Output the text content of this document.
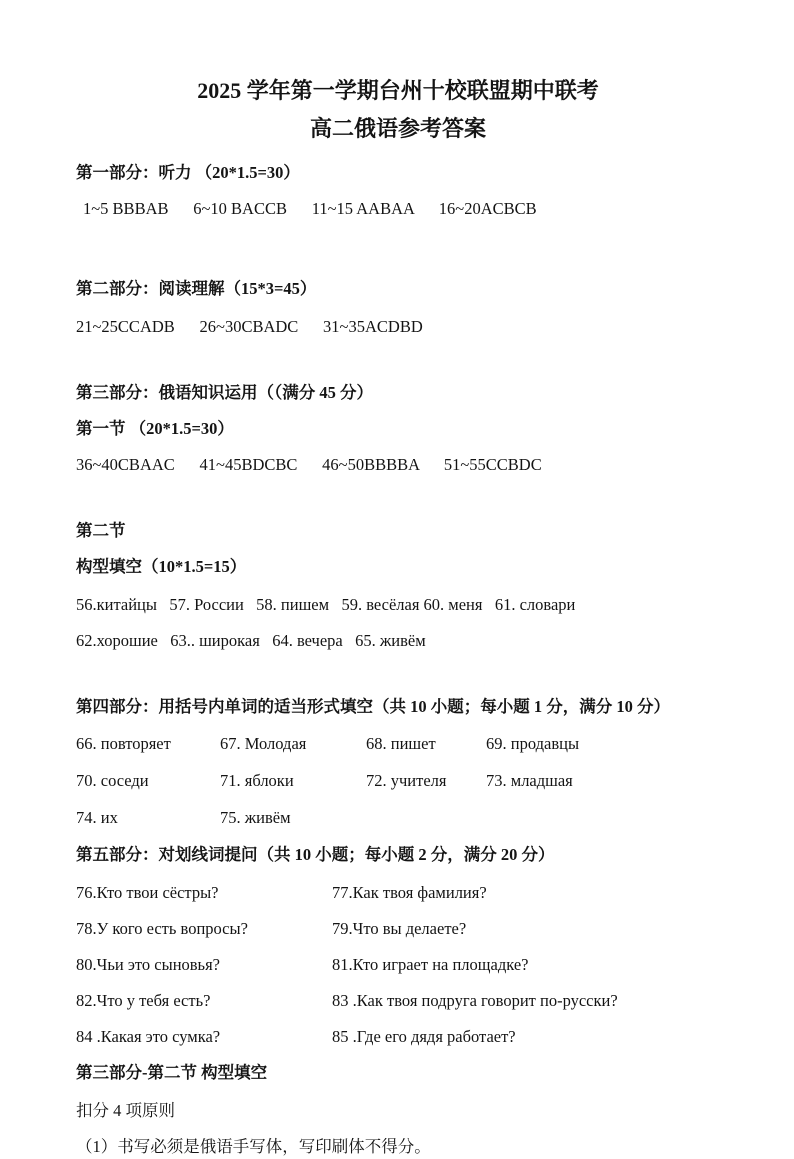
2025 学年第一学期台州十校联盟期中联考
高二俄语参考答案
第一部分：听力 （20*1.5=30）
1~5 BBBAB      6~10 BACCB      11~15 AABAA      16~20ACBCB
第二部分：阅读理解（15*3=45）
21~25CCADB      26~30CBADC      31~35ACDBD
第三部分：俄语知识运用（（满分 45 分）
第一节 （20*1.5=30）
36~40CBAAC      41~45BDCBC      46~50BBBBA      51~55CCBDC
第二节
构型填空（10*1.5=15）
56.китайцы   57. России   58. пишем   59. весёлая 60. меня   61. словари
62.хорошие   63.. широкая   64. вечера   65. живём
第四部分：用括号内单词的适当形式填空（共 10 小题；每小题 1 分，满分 10 分）
66. повторяет	67. Молодая	68. пишет	69. продавцы
70. соседи	71. яблоки	72. учителя	73. младшая
74. их	75. живём
第五部分：对划线词提问（共 10 小题；每小题 2 分，满分 20 分）
76.Кто твои сёстры?	77.Как твоя фамилия?
78.У кого есть вопросы?	79.Что вы делаете?
80.Чьи это сыновья?	81.Кто играет на площадке?
82.Что у тебя есть?	83 .Как твоя подруга говорит по-русски?
84 .Какая это сумка?	85 .Где его дядя работает?
第三部分-第二节 构型填空
扣分 4 项原则
（1）书写必须是俄语手写体，写印刷体不得分。
